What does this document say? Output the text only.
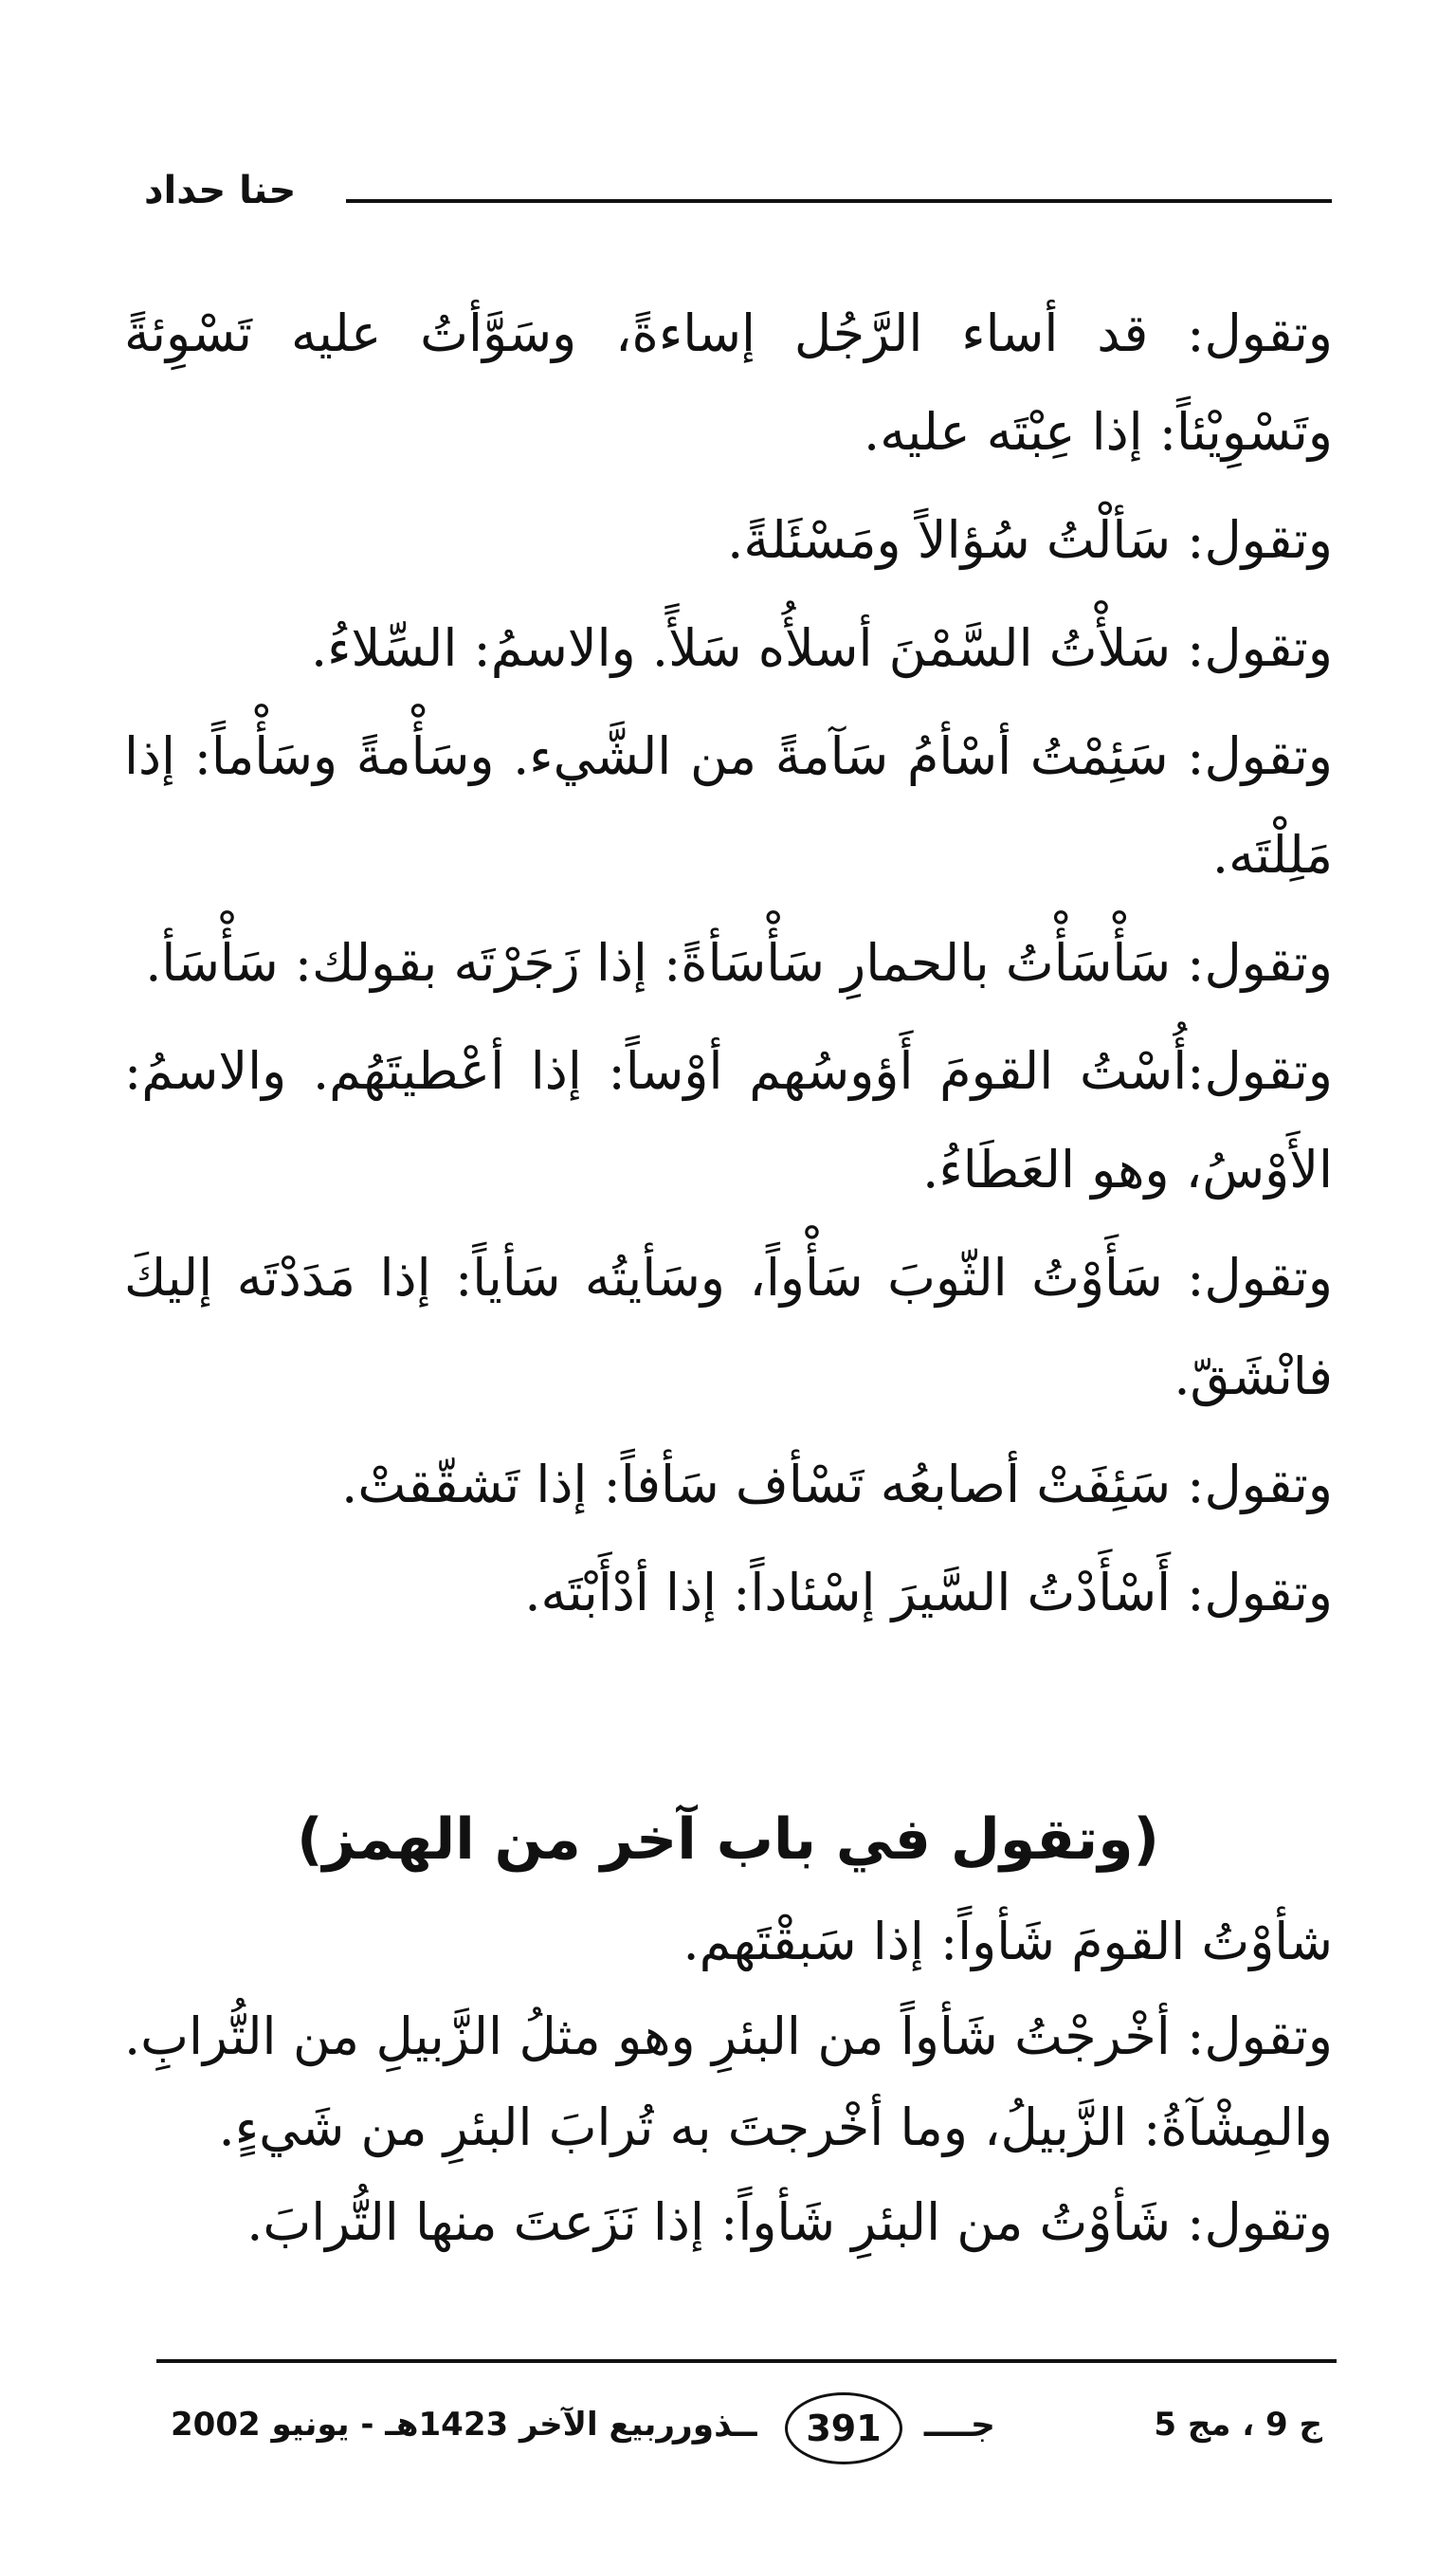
حنا حداد

وتقول: قد أساء الرَّجُل إساءةً، وسَوَّأتُ عليه تَسْوِئةً وتَسْوِيْئاً: إذا عِبْتَه عليه.

وتقول: سَألْتُ سُؤالاً ومَسْئَلةً.

وتقول: سَلأْتُ السَّمْنَ أسلأُه سَلأً. والاسمُ: السِّلاءُ.

وتقول: سَئِمْتُ أسْأمُ سَآمةً من الشَّيء. وسَأْمةً وسَأْماً: إذا مَلِلْتَه.

وتقول: سَأْسَأْتُ بالحمارِ سَأْسَأةً: إذا زَجَرْتَه بقولك: سَأْسَأ.

وتقول:أُسْتُ القومَ أَؤوسُهم أوْساً: إذا أعْطيتَهُم. والاسمُ: الأَوْسُ، وهو العَطَاءُ.

وتقول: سَأَوْتُ الثّوبَ سَأْواً، وسَأيتُه سَأياً: إذا مَدَدْتَه إليكَ فانْشَقّ.

وتقول: سَئِفَتْ أصابعُه تَسْأف سَأفاً: إذا تَشقّقتْ.

وتقول: أَسْأَدْتُ السَّيرَ إسْئاداً: إذا أدْأَبْتَه.

(وتقول في باب آخر من الهمز)

شأوْتُ القومَ شَأواً: إذا سَبقْتَهم.

وتقول: أخْرجْتُ شَأواً من البئرِ وهو مثلُ الزَّبيلِ من التُّرابِ. والمِشْآةُ: الزَّبيلُ، وما أخْرجتَ به تُرابَ البئرِ من شَيءٍ.

وتقول: شَأوْتُ من البئرِ شَأواً: إذا نَزَعتَ منها التُّرابَ.

ربيع الآخر 1423هـ - يونيو 2002
ــذور	391	جــــ	ج 9 ، مج 5
